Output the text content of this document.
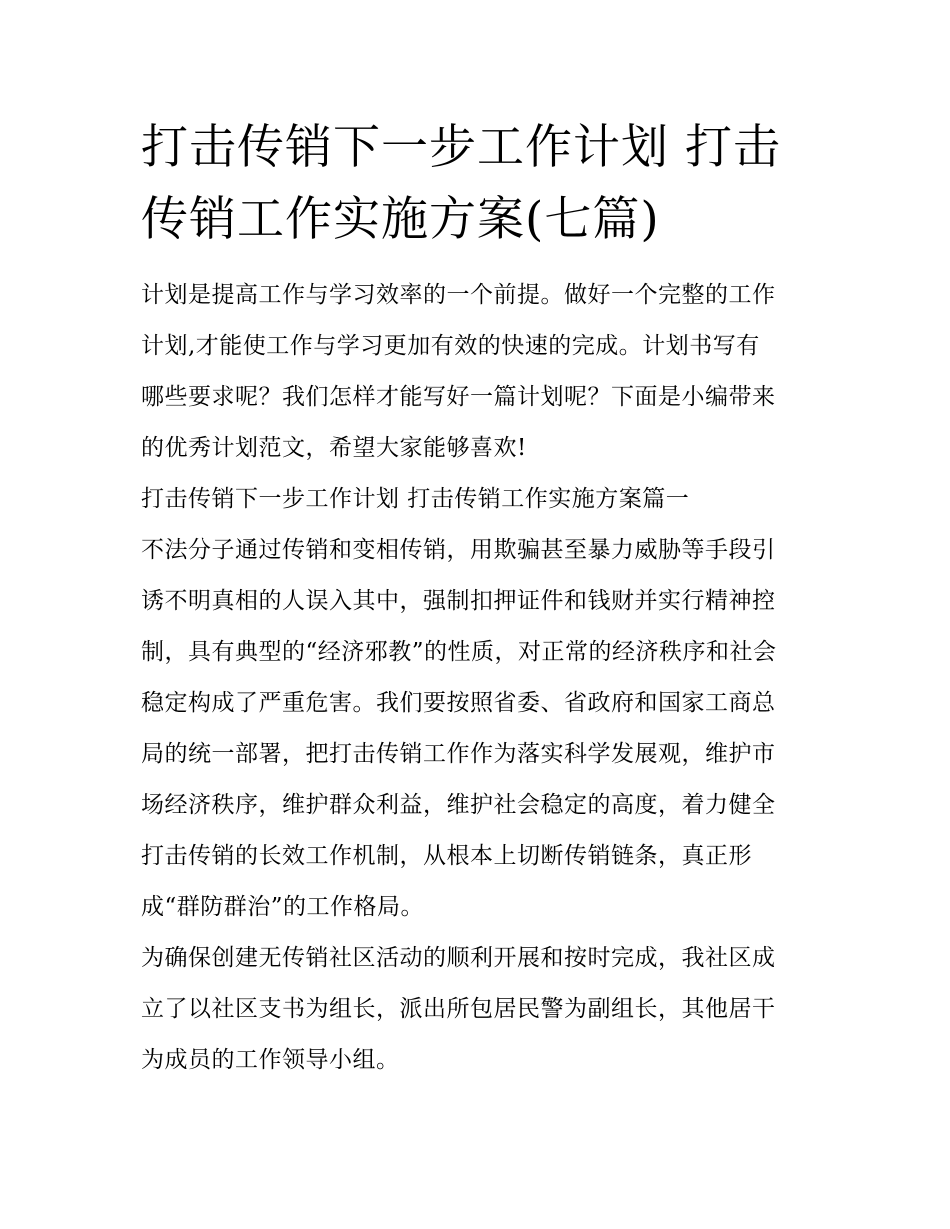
打击传销下一步工作计划 打击
传销工作实施方案(七篇)

计划是提高工作与学习效率的一个前提。做好一个完整的工作
计划,才能使工作与学习更加有效的快速的完成。计划书写有
哪些要求呢？我们怎样才能写好一篇计划呢？下面是小编带来
的优秀计划范文，希望大家能够喜欢!

打击传销下一步工作计划 打击传销工作实施方案篇一

不法分子通过传销和变相传销，用欺骗甚至暴力威胁等手段引
诱不明真相的人误入其中，强制扣押证件和钱财并实行精神控
制，具有典型的“经济邪教”的性质，对正常的经济秩序和社会
稳定构成了严重危害。我们要按照省委、省政府和国家工商总
局的统一部署，把打击传销工作作为落实科学发展观，维护市
场经济秩序，维护群众利益，维护社会稳定的高度，着力健全
打击传销的长效工作机制，从根本上切断传销链条，真正形
成“群防群治”的工作格局。

为确保创建无传销社区活动的顺利开展和按时完成，我社区成
立了以社区支书为组长，派出所包居民警为副组长，其他居干
为成员的工作领导小组。
